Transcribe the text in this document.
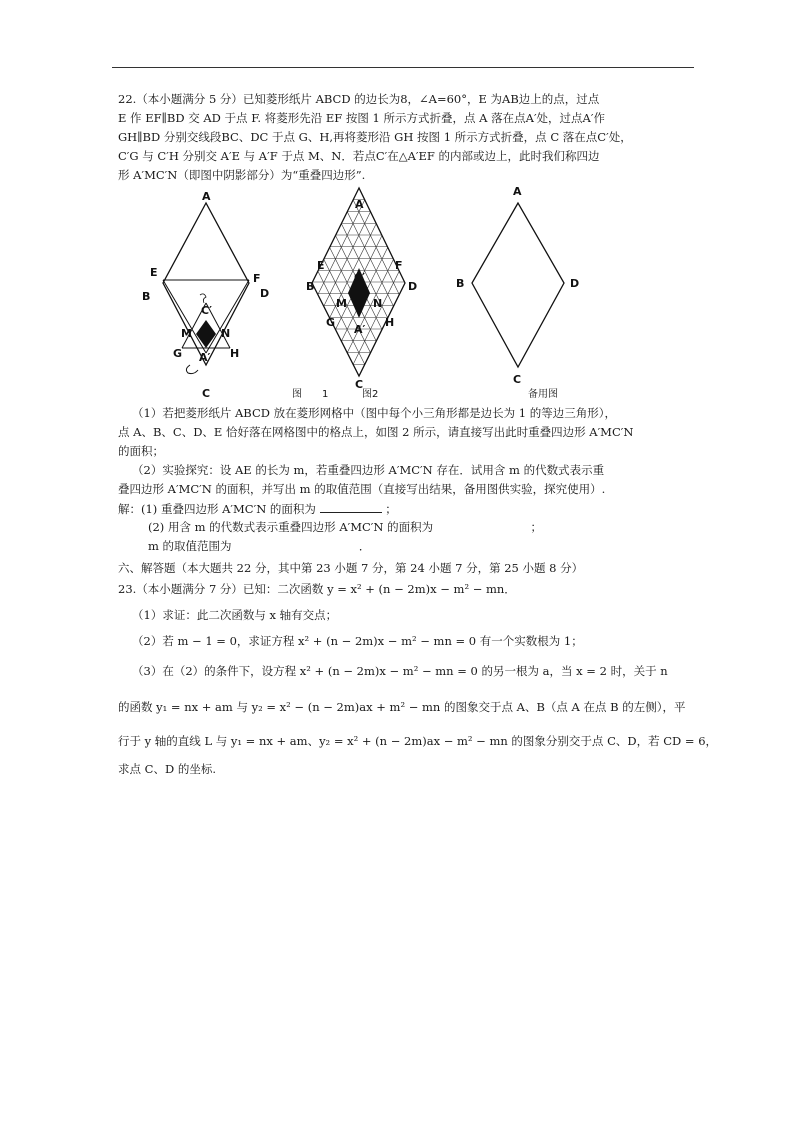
22.（本小题满分 5 分）已知菱形纸片 ABCD 的边长为8，∠A=60°，E 为AB边上的点，过点
E 作 EF∥BD 交 AD 于点 F. 将菱形先沿 EF 按图 1 所示方式折叠，点 A 落在点A′处，过点A′作
GH∥BD 分别交线段BC、DC 于点 G、H,再将菱形沿 GH 按图 1 所示方式折叠，点 C 落在点C′处，
C′G 与 C′H 分别交 A′E 与 A′F 于点 M、N．若点C′在△A′EF 的内部或边上，此时我们称四边
形 A′MC′N（即图中阴影部分）为“重叠四边形”.
A
E	F
B	D
C′
M	N
G A′ H
C
A
E	F
B	D
C′
M N
G
A′
H
C
A
B	D
C
图　　1	图2	备用图
（1）若把菱形纸片 ABCD 放在菱形网格中（图中每个小三角形都是边长为 1 的等边三角形），
点 A、B、C、D、E 恰好落在网格图中的格点上，如图 2 所示，请直接写出此时重叠四边形 A′MC′N
的面积；
（2）实验探究：设 AE 的长为 m，若重叠四边形 A′MC′N 存在．试用含 m 的代数式表示重
叠四边形 A′MC′N 的面积，并写出 m 的取值范围（直接写出结果，备用图供实验，探究使用）.
解：(1) 重叠四边形 A′MC′N 的面积为	；
(2) 用含 m 的代数式表示重叠四边形 A′MC′N 的面积为	；
m 的取值范围为	．
六、解答题（本大题共 22 分，其中第 23 小题 7 分，第 24 小题 7 分，第 25 小题 8 分）
23.（本小题满分 7 分）已知：二次函数 y = x² + (n − 2m)x − m² − mn．
（1）求证：此二次函数与 x 轴有交点；
（2）若 m − 1 = 0，求证方程 x² + (n − 2m)x − m² − mn = 0 有一个实数根为 1；
（3）在（2）的条件下，设方程 x² + (n − 2m)x − m² − mn = 0 的另一根为 a，当 x = 2 时，关于 n
的函数 y₁ = nx + am 与 y₂ = x² − (n − 2m)ax + m² − mn 的图象交于点 A、B（点 A 在点 B 的左侧），平
行于 y 轴的直线 L 与 y₁ = nx + am、y₂ = x² + (n − 2m)ax − m² − mn 的图象分别交于点 C、D，若 CD = 6，
求点 C、D 的坐标.
